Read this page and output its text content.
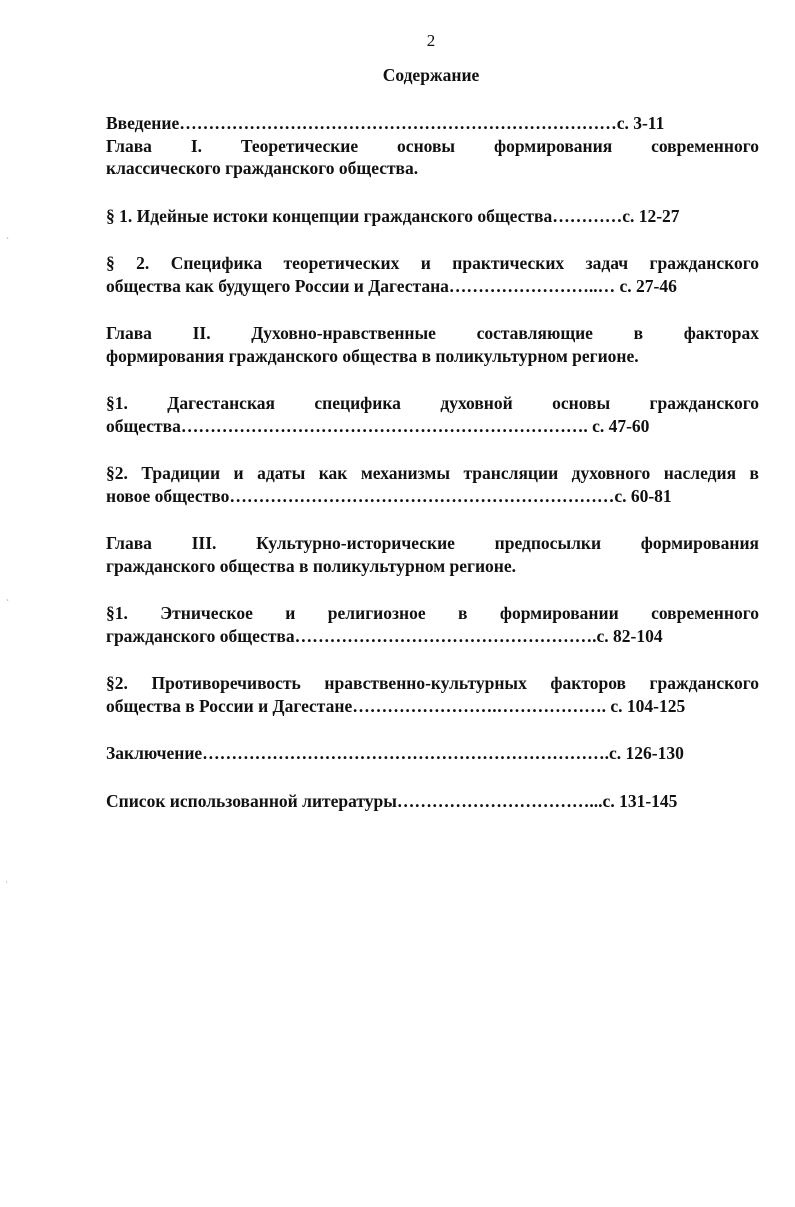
2
Содержание

Введение…………………………………………………………………с. 3-11

Глава I. Теоретические основы формирования современного

классического гражданского общества.

§ 1. Идейные истоки концепции гражданского общества…………с. 12-27

§ 2. Специфика теоретических и практических задач гражданского

общества как будущего России и Дагестана……………………..… с. 27-46

Глава II. Духовно-нравственные составляющие в факторах

формирования гражданского общества в поликультурном регионе.

§1. Дагестанская специфика духовной основы гражданского

общества……………………………………………………………. с. 47-60

§2. Традиции и адаты как механизмы трансляции духовного наследия в

новое общество…………………………………………………………с. 60-81

Глава III. Культурно-исторические предпосылки формирования

гражданского общества в поликультурном регионе.

§1. Этническое и религиозное в формировании современного

гражданского общества…………………………………………….с. 82-104

§2. Противоречивость нравственно-культурных факторов гражданского

общества в России и Дагестане…………………….………………. с. 104-125

Заключение…………………………………………………………….с. 126-130

Список использованной литературы……………………………...с. 131-145

ˋ
ˋ
˙
